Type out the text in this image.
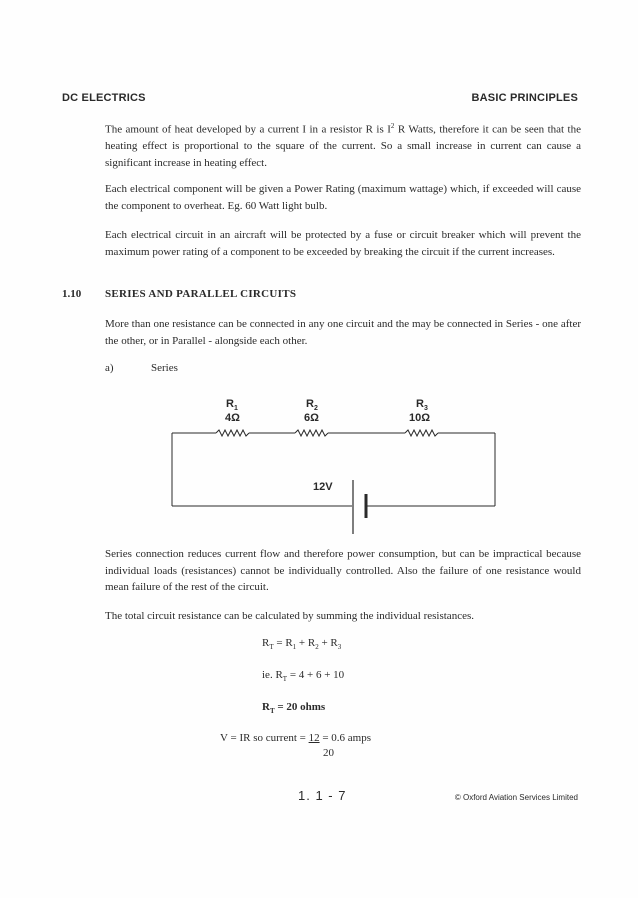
DC ELECTRICS	BASIC PRINCIPLES

The amount of heat developed by a current I in a resistor R is $I^2$ R Watts, therefore it can be seen that the heating effect is proportional to the square of the current. So a small increase in current can cause a significant increase in heating effect.

Each electrical component will be given a Power Rating (maximum wattage) which, if exceeded will cause the component to overheat. Eg. 60 Watt light bulb.

Each electrical circuit in an aircraft will be protected by a fuse or circuit breaker which will prevent the maximum power rating of a component to be exceeded by breaking the circuit if the current increases.

1.10 SERIES AND PARALLEL CIRCUITS

More than one resistance can be connected in any one circuit and the may be connected in Series - one after the other, or in Parallel - alongside each other.

a)	Series
$R_1$
4Ω
$R_2$
6Ω
$R_3$
10Ω
12V

Series connection reduces current flow and therefore power consumption, but can be impractical because individual loads (resistances) cannot be individually controlled. Also the failure of one resistance would mean failure of the rest of the circuit.

The total circuit resistance can be calculated by summing the individual resistances.

$R_T = R_1 + R_2 + R_3$
ie. $R_T = 4 + 6 + 10$
$R_T = 20$ ohms
V = IR so current = 12 = 0.6 amps
20
1. 1 - 7	© Oxford Aviation Services Limited
